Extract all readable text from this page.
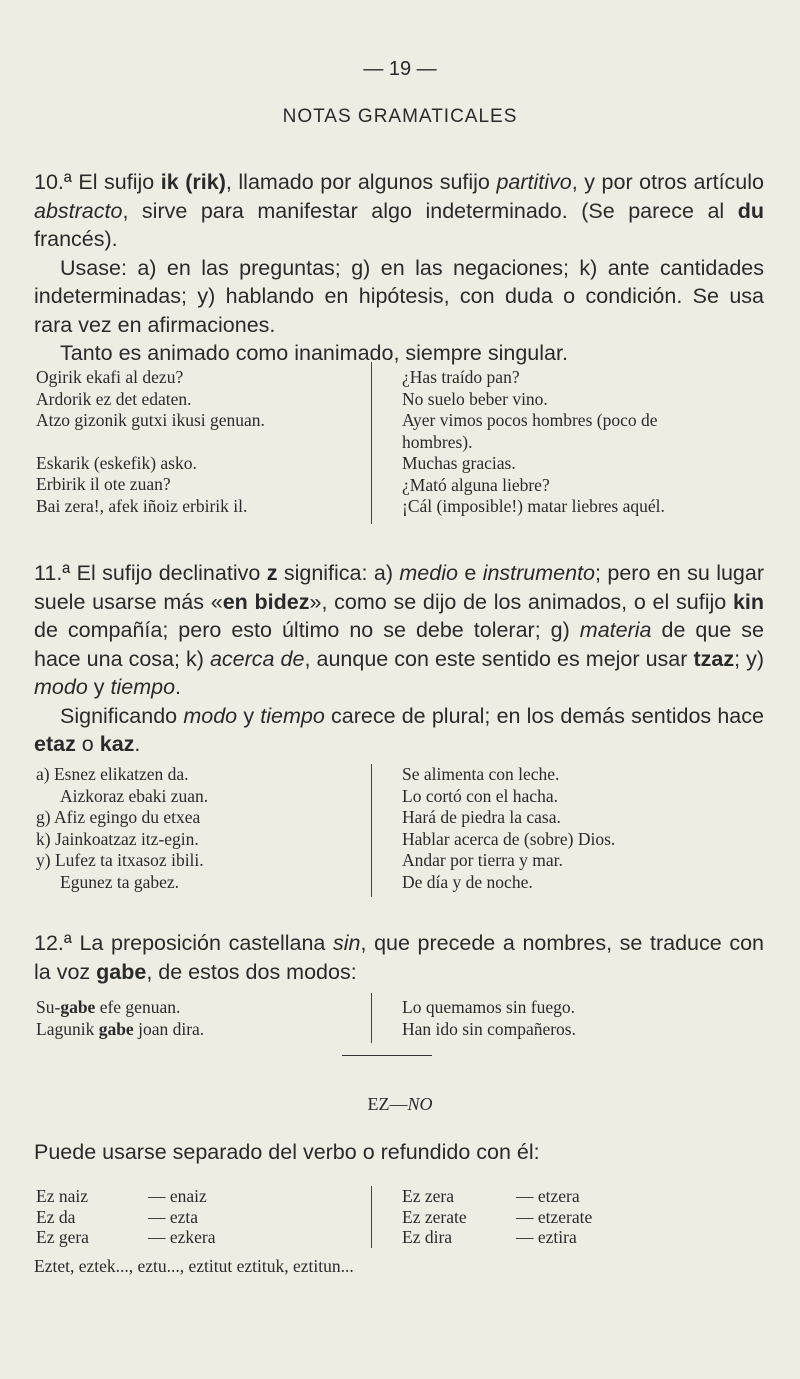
— 19 —
NOTAS GRAMATICALES

10.ª El sufijo ik (rik), llamado por algunos sufijo partitivo, y por otros artículo abstracto, sirve para manifestar algo indeterminado. (Se parece al du francés).

Usase: a) en las preguntas; g) en las negaciones; k) ante cantidades indeterminadas; y) hablando en hipótesis, con duda o condición. Se usa rara vez en afirmaciones.

Tanto es animado como inanimado, siempre singular.

Ogirik ekafi al dezu?
Ardorik ez det edaten.
Atzo gizonik gutxi ikusi genuan.
Eskarik (eskefik) asko.
Erbirik il ote zuan?
Bai zera!, afek iñoiz erbirik il.
¿Has traído pan?
No suelo beber vino.
Ayer vimos pocos hombres (poco de hombres).
Muchas gracias.
¿Mató alguna liebre?
¡Cál (imposible!) matar liebres aquél.

11.ª El sufijo declinativo z significa: a) medio e instrumento; pero en su lugar suele usarse más «en bidez», como se dijo de los animados, o el sufijo kin de compañía; pero esto último no se debe tolerar; g) materia de que se hace una cosa; k) acerca de, aunque con este sentido es mejor usar tzaz; y) modo y tiempo.

Significando modo y tiempo carece de plural; en los demás sentidos hace etaz o kaz.

a) Esnez elikatzen da.
Aizkoraz ebaki zuan.
g) Afiz egingo du etxea
k) Jainkoatzaz itz-egin.
y) Lufez ta itxasoz ibili.
Egunez ta gabez.
Se alimenta con leche.
Lo cortó con el hacha.
Hará de piedra la casa.
Hablar acerca de (sobre) Dios.
Andar por tierra y mar.
De día y de noche.

12.ª La preposición castellana sin, que precede a nombres, se traduce con la voz gabe, de estos dos modos:

Su-gabe efe genuan.
Lagunik gabe joan dira.
Lo quemamos sin fuego.
Han ido sin compañeros.
EZ—NO
Puede usarse separado del verbo o refundido con él:
Ez naiz
Ez da
Ez gera
— enaiz
— ezta
— ezkera
Ez zera
Ez zerate
Ez dira
— etzera
— etzerate
— eztira
Eztet, eztek..., eztu..., eztitut eztituk, eztitun...
